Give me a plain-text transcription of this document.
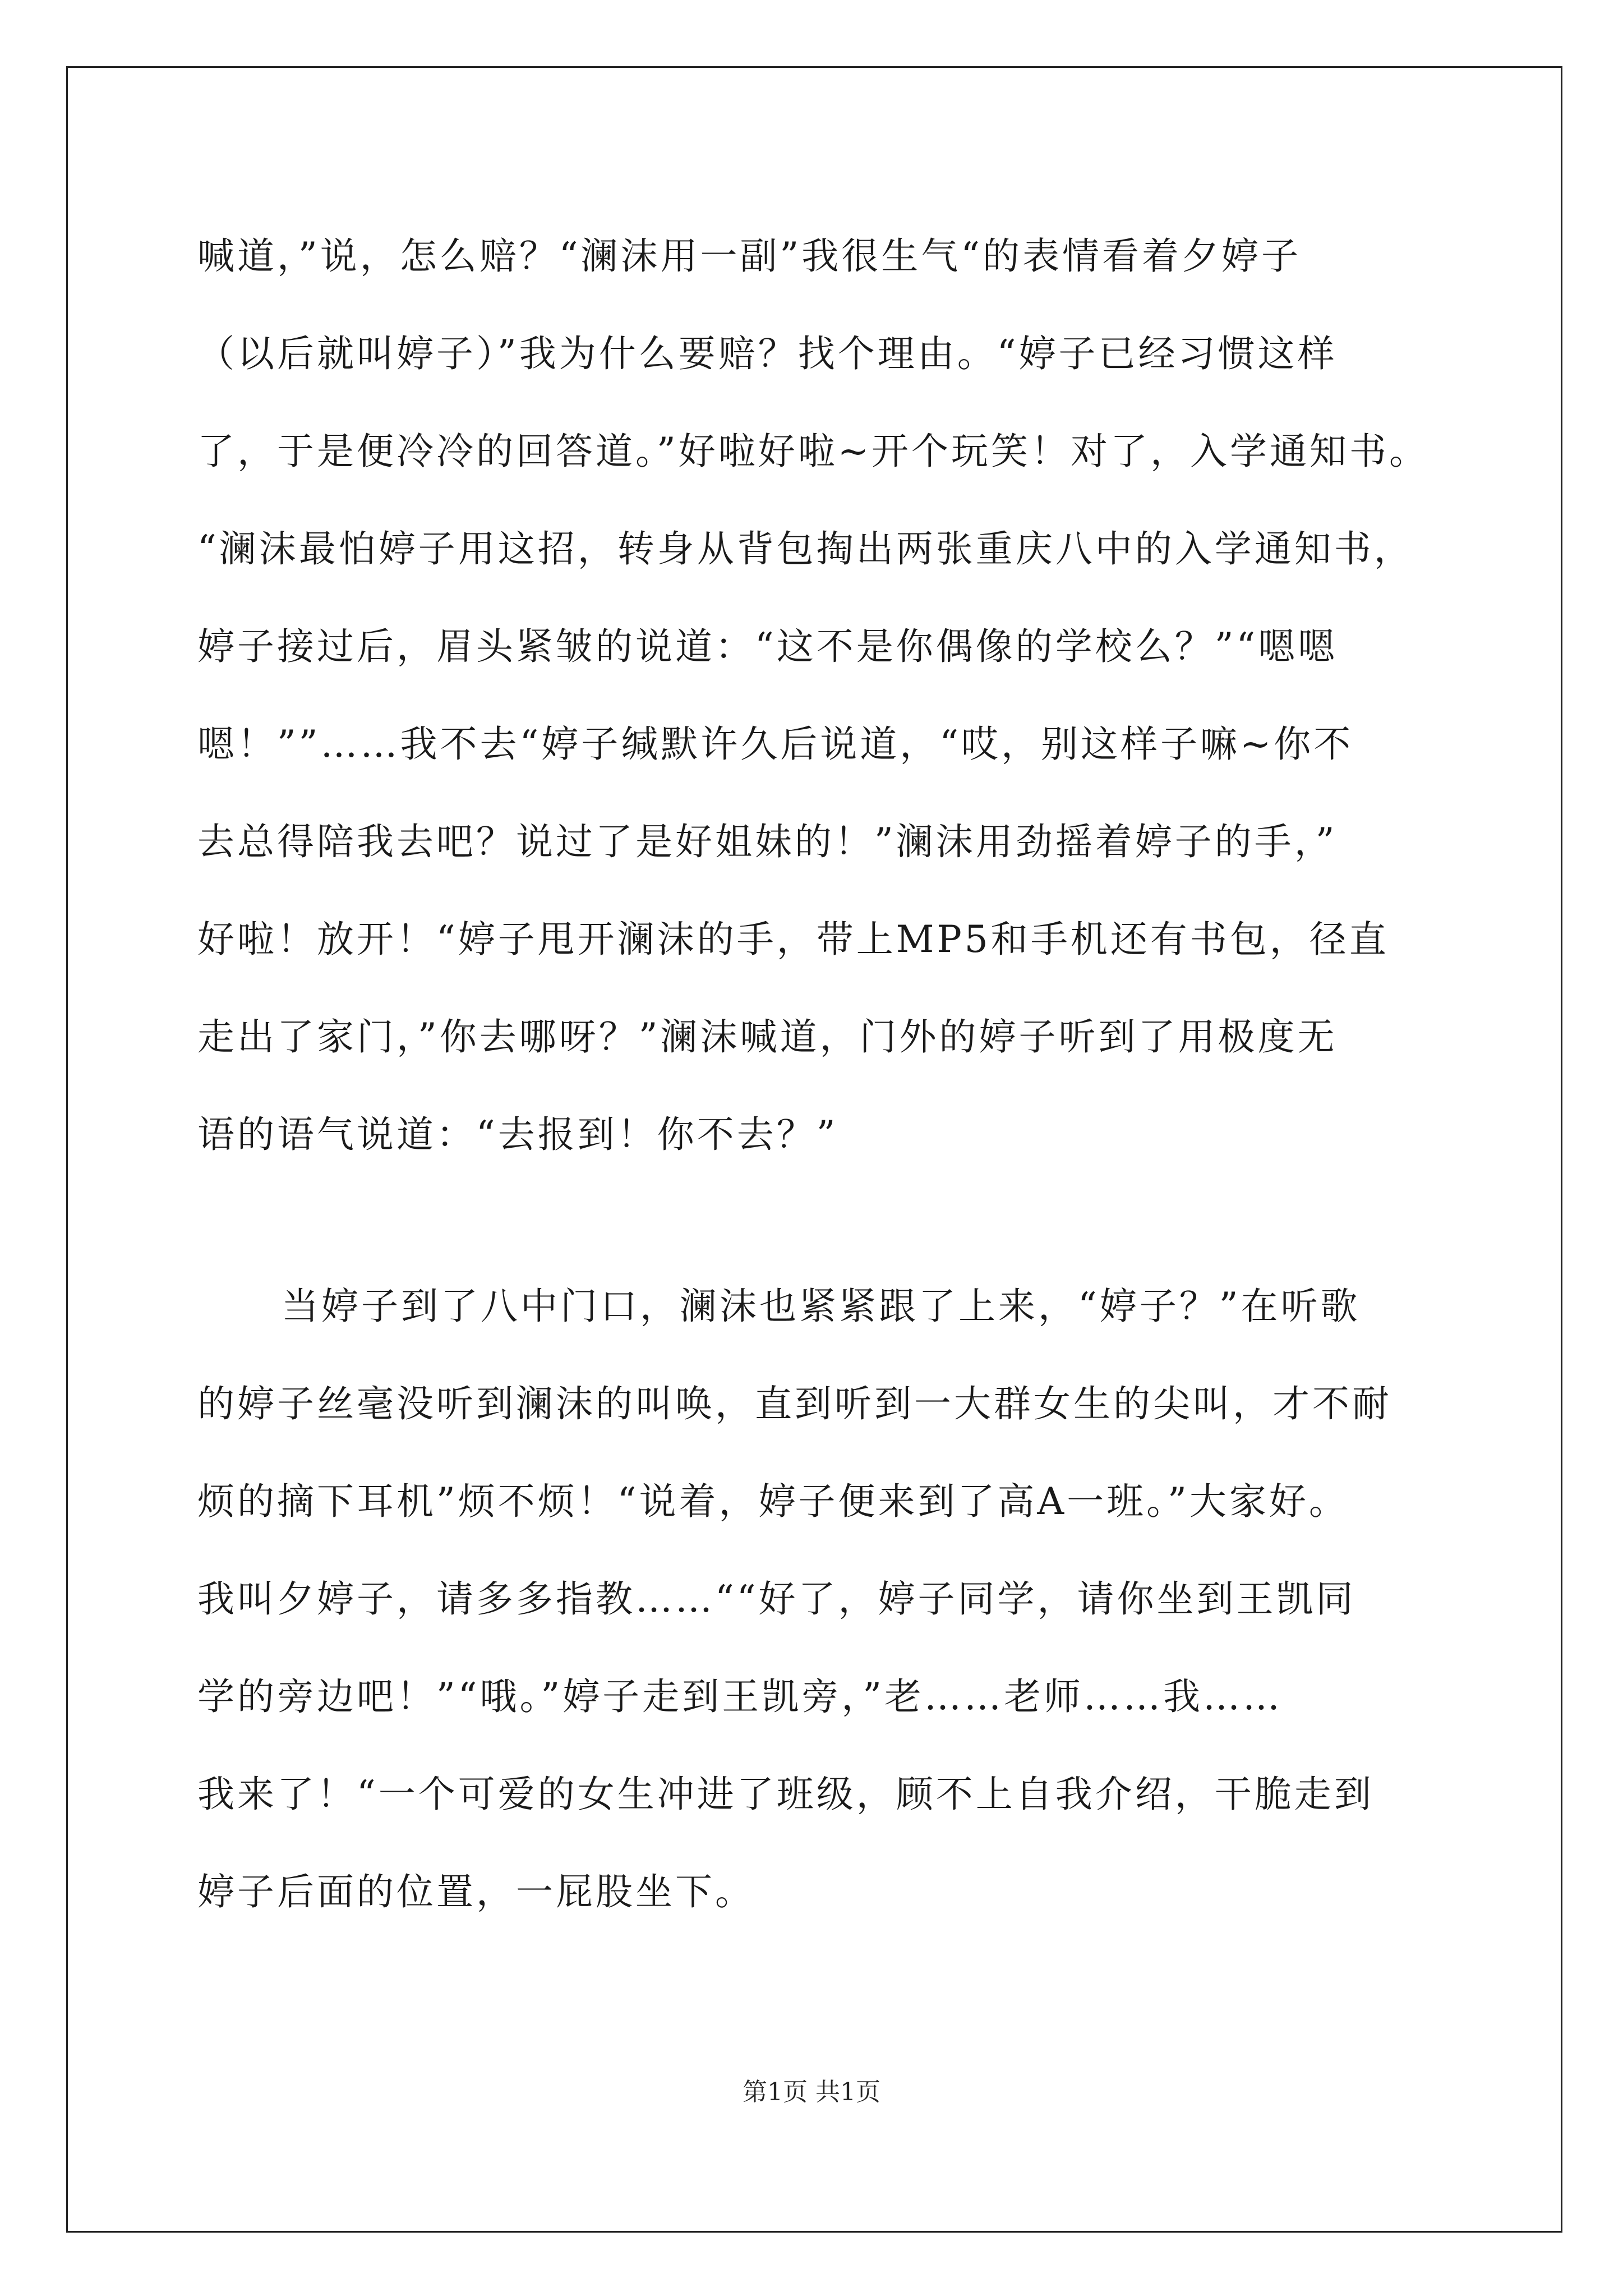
喊道，”说，怎么赔？“澜沫用一副”我很生气“的表情看着夕婷子
（以后就叫婷子）”我为什么要赔？找个理由。“婷子已经习惯这样
了，于是便冷冷的回答道。”好啦好啦~开个玩笑！对了，入学通知书。
“澜沫最怕婷子用这招，转身从背包掏出两张重庆八中的入学通知书，
婷子接过后，眉头紧皱的说道：“这不是你偶像的学校么？”“嗯嗯
嗯！””……我不去“婷子缄默许久后说道，“哎，别这样子嘛~你不
去总得陪我去吧？说过了是好姐妹的！”澜沫用劲摇着婷子的手，”
好啦！放开！“婷子甩开澜沫的手，带上MP5和手机还有书包，径直
走出了家门，”你去哪呀？”澜沫喊道，门外的婷子听到了用极度无
语的语气说道：“去报到！你不去？”
当婷子到了八中门口，澜沫也紧紧跟了上来，“婷子？”在听歌
的婷子丝毫没听到澜沫的叫唤，直到听到一大群女生的尖叫，才不耐
烦的摘下耳机”烦不烦！“说着，婷子便来到了高A一班。”大家好。
我叫夕婷子，请多多指教……““好了，婷子同学，请你坐到王凯同
学的旁边吧！”“哦。”婷子走到王凯旁，”老……老师……我……
我来了！“一个可爱的女生冲进了班级，顾不上自我介绍，干脆走到
婷子后面的位置，一屁股坐下。
第1页 共1页
